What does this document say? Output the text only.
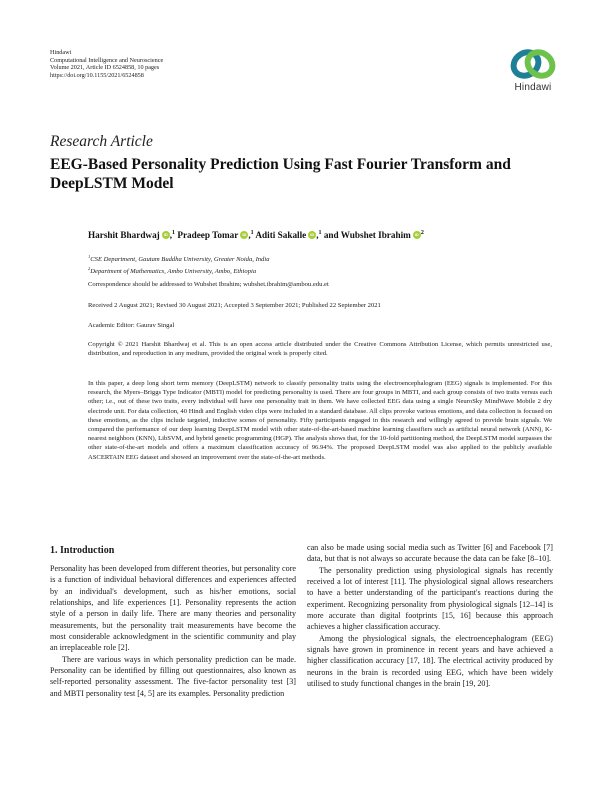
Hindawi
Computational Intelligence and Neuroscience
Volume 2021, Article ID 6524858, 10 pages
https://doi.org/10.1155/2021/6524858
Hindawi
Research Article
EEG-Based Personality Prediction Using Fast Fourier Transform and DeepLSTM Model
Harshit Bhardwaj iD ,$^1$ Pradeep Tomar iD ,$^1$ Aditi Sakalle iD ,$^1$ and Wubshet Ibrahim iD $^2$
$^1$CSE Department, Gautam Buddha University, Greater Noida, India
$^2$Department of Mathematics, Ambo University, Ambo, Ethiopia
Correspondence should be addressed to Wubshet Ibrahim; wubshet.ibrahim@ambou.edu.et
Received 2 August 2021; Revised 30 August 2021; Accepted 3 September 2021; Published 22 September 2021
Academic Editor: Gaurav Singal
Copyright © 2021 Harshit Bhardwaj et al. This is an open access article distributed under the Creative Commons Attribution License, which permits unrestricted use, distribution, and reproduction in any medium, provided the original work is properly cited.
In this paper, a deep long short term memory (DeepLSTM) network to classify personality traits using the electroencephalogram (EEG) signals is implemented. For this research, the Myers–Briggs Type Indicator (MBTI) model for predicting personality is used. There are four groups in MBTI, and each group consists of two traits versus each other; i.e., out of these two traits, every individual will have one personality trait in them. We have collected EEG data using a single NeuroSky MindWave Mobile 2 dry electrode unit. For data collection, 40 Hindi and English video clips were included in a standard database. All clips provoke various emotions, and data collection is focused on these emotions, as the clips include targeted, inductive scenes of personality. Fifty participants engaged in this research and willingly agreed to provide brain signals. We compared the performance of our deep learning DeepLSTM model with other state-of-the-art-based machine learning classifiers such as artificial neural network (ANN), K-nearest neighbors (KNN), LibSVM, and hybrid genetic programming (HGP). The analysis shows that, for the 10-fold partitioning method, the DeepLSTM model surpasses the other state-of-the-art models and offers a maximum classification accuracy of 96.94%. The proposed DeepLSTM model was also applied to the publicly available ASCERTAIN EEG dataset and showed an improvement over the state-of-the-art methods.
1. Introduction

Personality has been developed from different theories, but personality core is a function of individual behavioral differences and experiences affected by an individual's development, such as his/her emotions, social relationships, and life experiences [1]. Personality represents the action style of a person in daily life. There are many theories and personality measurements, but the personality trait measurements have become the most considerable acknowledgment in the scientific community and play an irreplaceable role [2].

There are various ways in which personality prediction can be made. Personality can be identified by filling out questionnaires, also known as self-reported personality assessment. The five-factor personality test [3] and MBTI personality test [4, 5] are its examples. Personality prediction

can also be made using social media such as Twitter [6] and Facebook [7] data, but that is not always so accurate because the data can be fake [8–10].

The personality prediction using physiological signals has recently received a lot of interest [11]. The physiological signal allows researchers to have a better understanding of the participant's reactions during the experiment. Recognizing personality from physiological signals [12–14] is more accurate than digital footprints [15, 16] because this approach achieves a higher classification accuracy.

Among the physiological signals, the electroencephalogram (EEG) signals have grown in prominence in recent years and have achieved a higher classification accuracy [17, 18]. The electrical activity produced by neurons in the brain is recorded using EEG, which have been widely utilised to study functional changes in the brain [19, 20].
